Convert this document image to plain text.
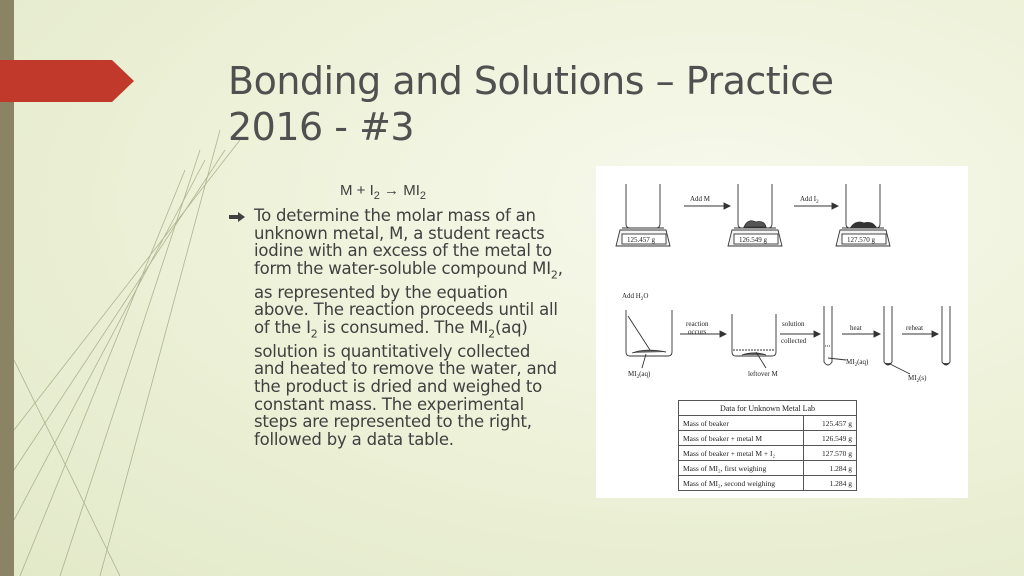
Bonding and Solutions – Practice 2016 - #3
$M + I_2 \to MI_2$
To determine the molar mass of an unknown metal, M, a student reacts iodine with an excess of the metal to form the water-soluble compound $MI_2$, as represented by the equation above. The reaction proceeds until all of the $I_2$ is consumed. The $MI_2(aq)$ solution is quantitatively collected and heated to remove the water, and the product is dried and weighed to constant mass. The experimental steps are represented to the right, followed by a data table.
125.457 g	126.549 g	127.570 g
Add M	Add $I_2$
Add $H_2O$
reaction
occurs
solution
collected
heat	reheat
$MI_2(aq)$	leftover M
$MI_2(aq)$
$MI_2(s)$
Data for Unknown Metal Lab	
Mass of beaker	125.457 g
Mass of beaker + metal M	126.549 g
Mass of beaker + metal M + I₂	127.570 g
Mass of MI₂, first weighing	1.284 g
Mass of MI₂, second weighing	1.284 g
